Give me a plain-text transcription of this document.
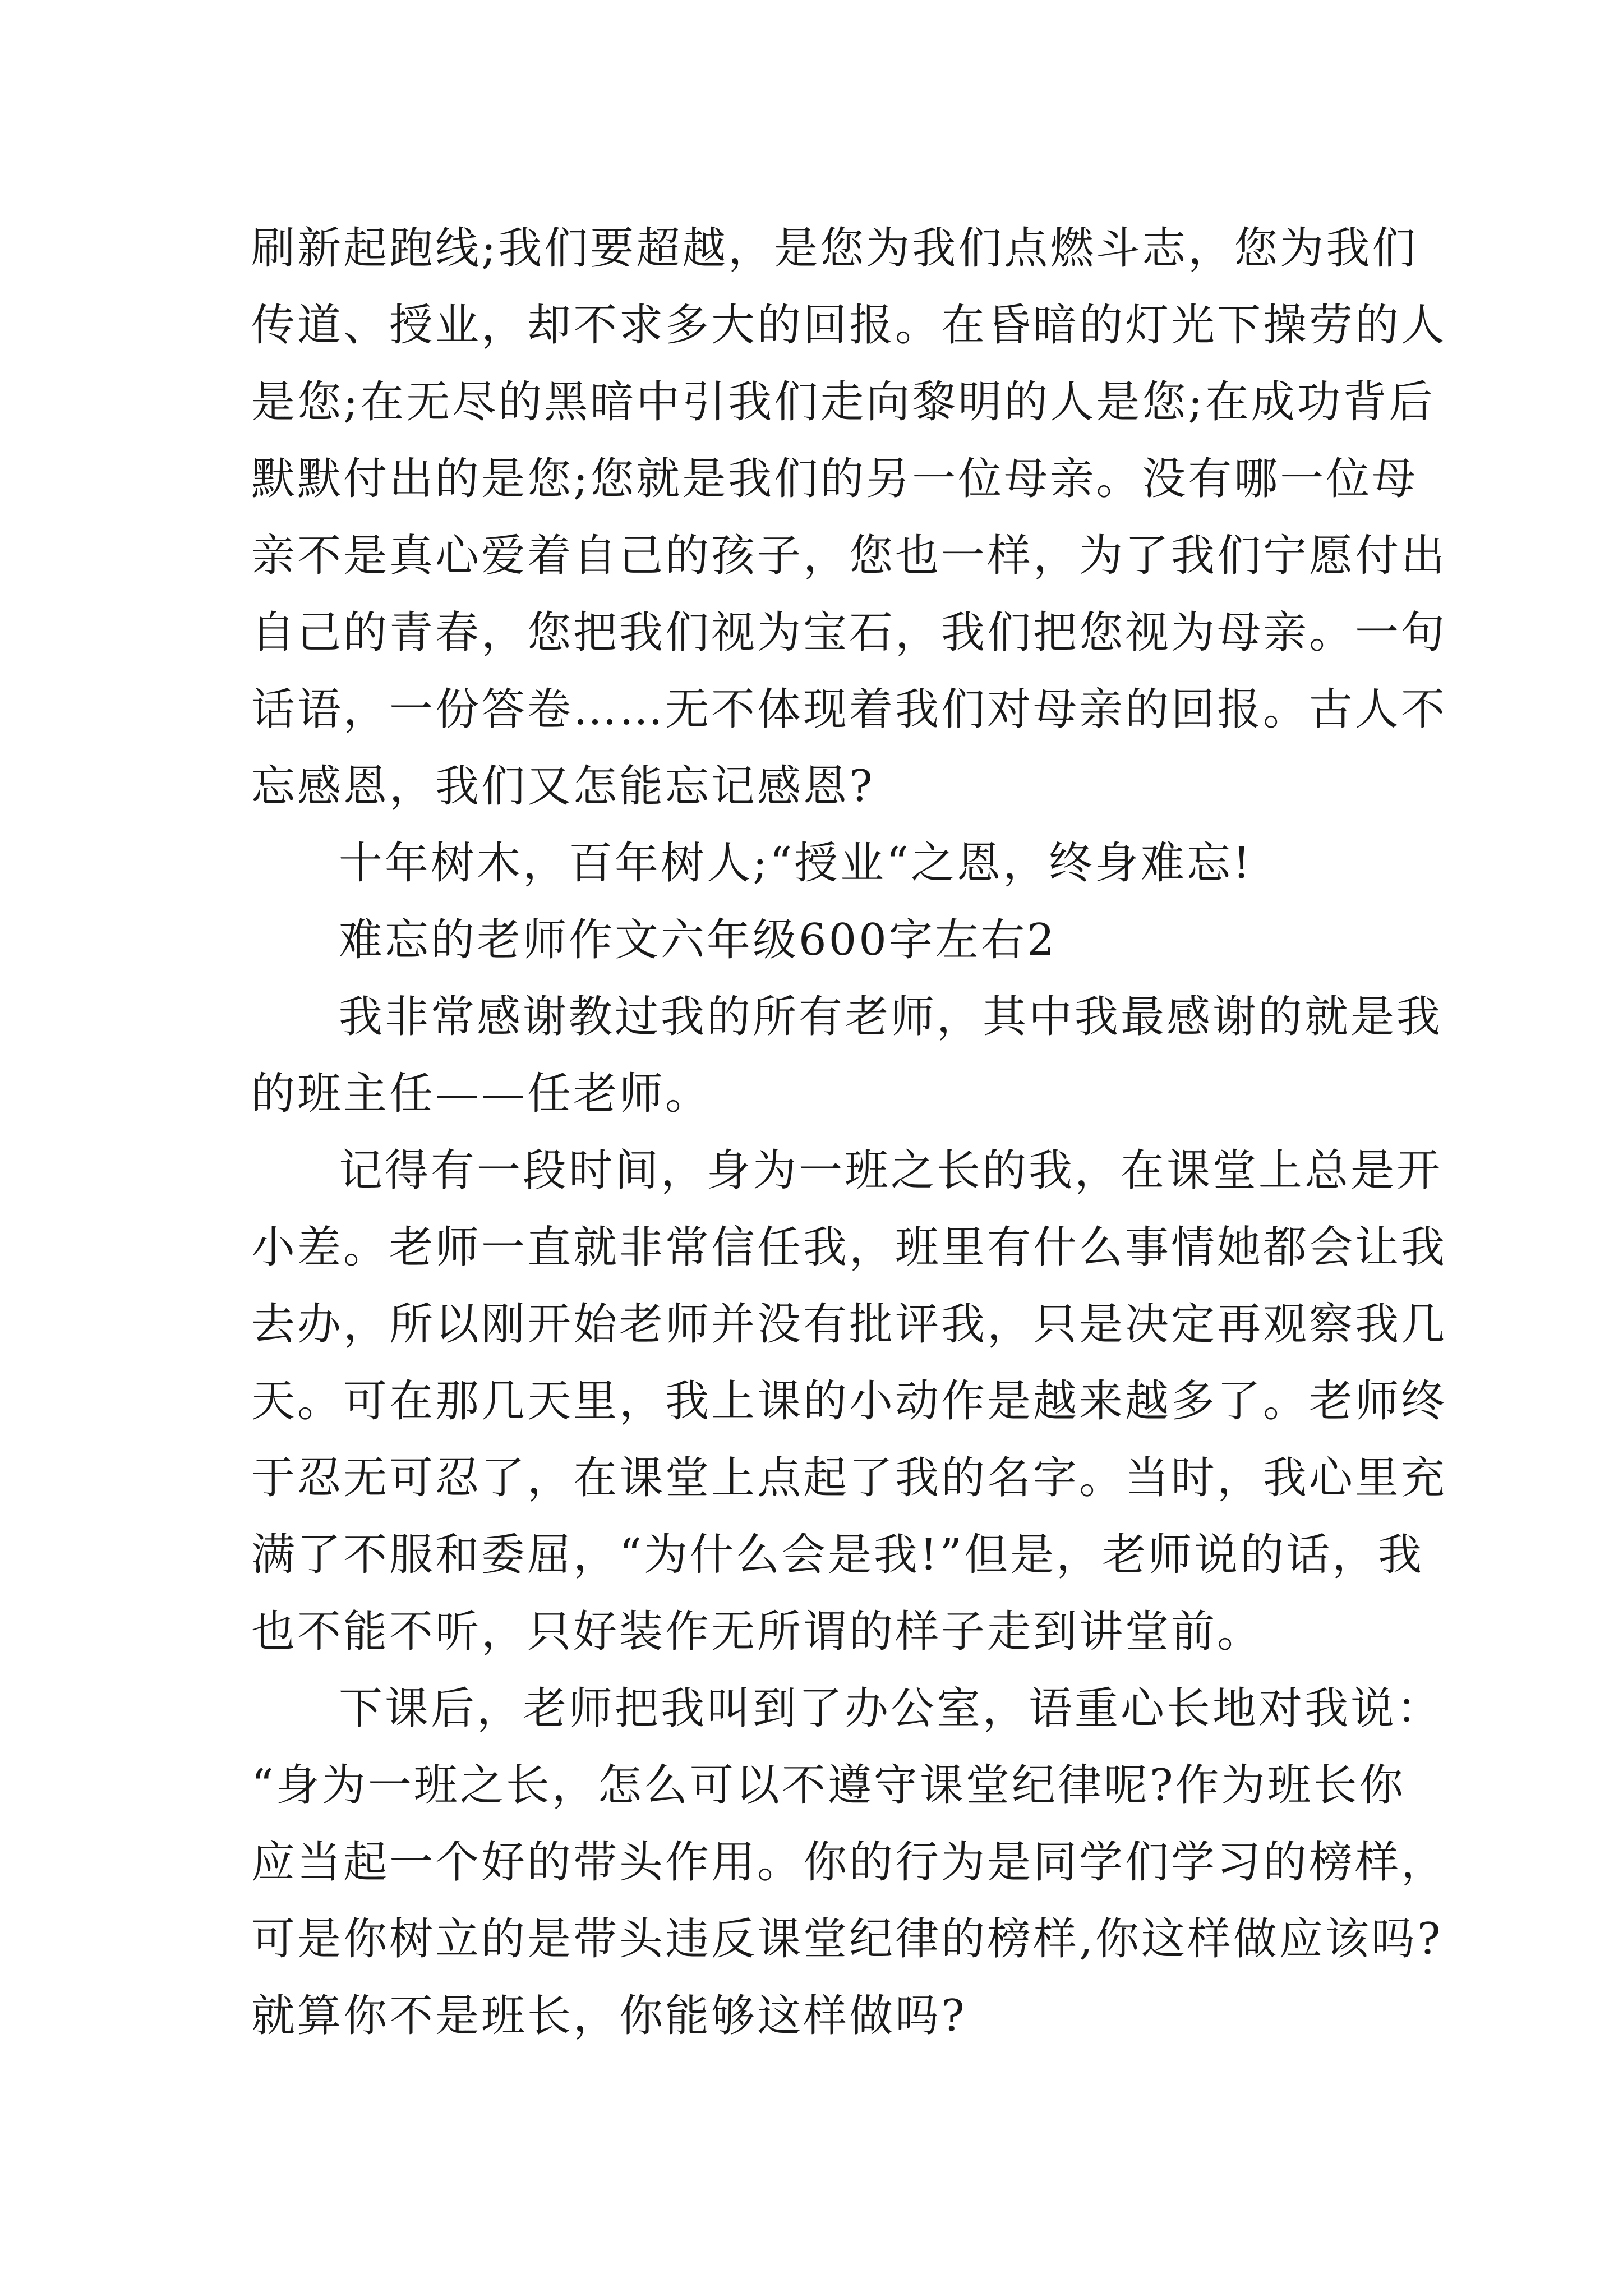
刷新起跑线;我们要超越，是您为我们点燃斗志，您为我们
传道、授业，却不求多大的回报。在昏暗的灯光下操劳的人
是您;在无尽的黑暗中引我们走向黎明的人是您;在成功背后
默默付出的是您;您就是我们的另一位母亲。没有哪一位母
亲不是真心爱着自己的孩子，您也一样，为了我们宁愿付出
自己的青春，您把我们视为宝石，我们把您视为母亲。一句
话语，一份答卷……无不体现着我们对母亲的回报。古人不
忘感恩，我们又怎能忘记感恩?
十年树木，百年树人;“授业“之恩，终身难忘!
难忘的老师作文六年级600字左右2
我非常感谢教过我的所有老师，其中我最感谢的就是我
的班主任——任老师。
记得有一段时间，身为一班之长的我，在课堂上总是开
小差。老师一直就非常信任我，班里有什么事情她都会让我
去办，所以刚开始老师并没有批评我，只是决定再观察我几
天。可在那几天里，我上课的小动作是越来越多了。老师终
于忍无可忍了，在课堂上点起了我的名字。当时，我心里充
满了不服和委屈，“为什么会是我!”但是，老师说的话，我
也不能不听，只好装作无所谓的样子走到讲堂前。
下课后，老师把我叫到了办公室，语重心长地对我说：
“身为一班之长，怎么可以不遵守课堂纪律呢?作为班长你
应当起一个好的带头作用。你的行为是同学们学习的榜样，
可是你树立的是带头违反课堂纪律的榜样,你这样做应该吗?
就算你不是班长，你能够这样做吗?
